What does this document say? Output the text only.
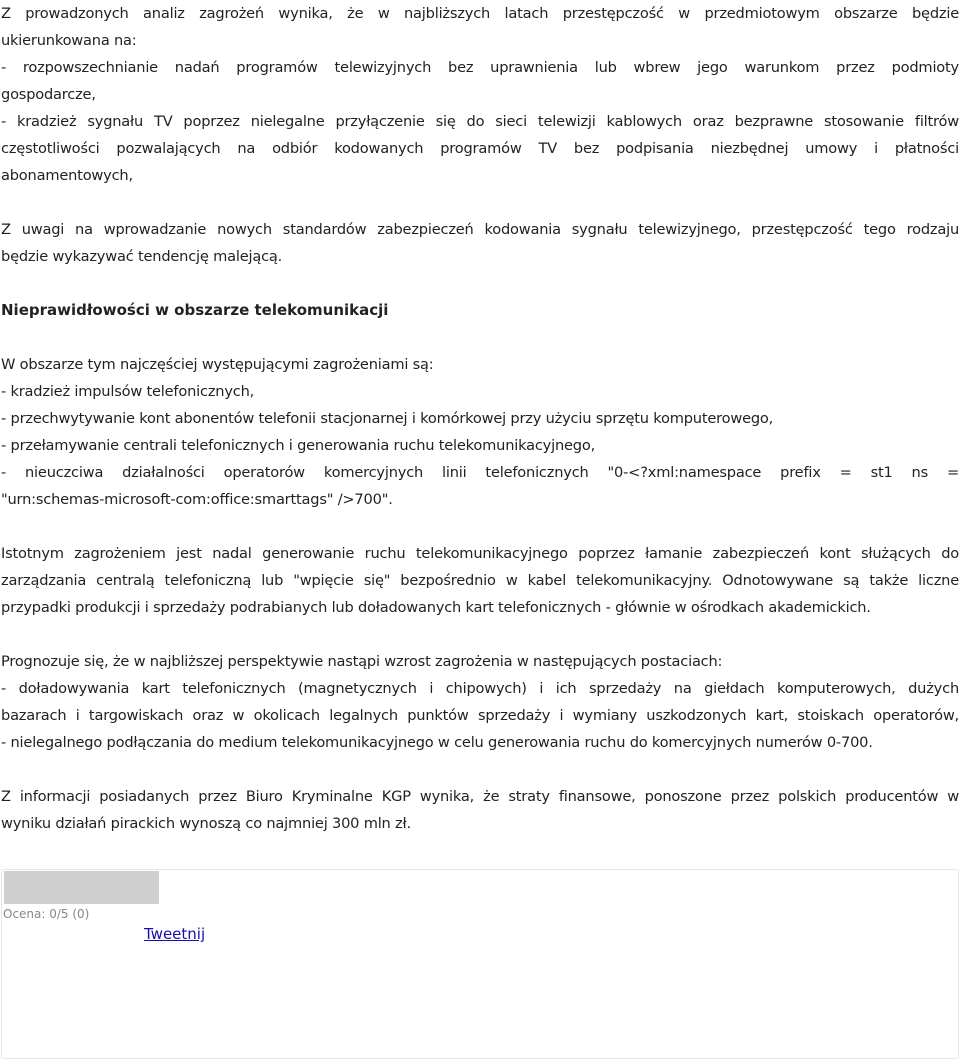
Z prowadzonych analiz zagrożeń wynika, że w najbliższych latach przestępczość w przedmiotowym obszarze będzie
ukierunkowana na:
- rozpowszechnianie nadań programów telewizyjnych bez uprawnienia lub wbrew jego warunkom przez podmioty
gospodarcze,
- kradzież sygnału TV poprzez nielegalne przyłączenie się do sieci telewizji kablowych oraz bezprawne stosowanie filtrów
częstotliwości pozwalających na odbiór kodowanych programów TV bez podpisania niezbędnej umowy i płatności
abonamentowych,
Z uwagi na wprowadzanie nowych standardów zabezpieczeń kodowania sygnału telewizyjnego, przestępczość tego rodzaju
będzie wykazywać tendencję malejącą.
Nieprawidłowości w obszarze telekomunikacji
W obszarze tym najczęściej występującymi zagrożeniami są:
- kradzież impulsów telefonicznych,
- przechwytywanie kont abonentów telefonii stacjonarnej i komórkowej przy użyciu sprzętu komputerowego,
- przełamywanie centrali telefonicznych i generowania ruchu telekomunikacyjnego,
- nieuczciwa działalności operatorów komercyjnych linii telefonicznych "0-<?xml:namespace prefix = st1 ns =
"urn:schemas-microsoft-com:office:smarttags" />700".
Istotnym zagrożeniem jest nadal generowanie ruchu telekomunikacyjnego poprzez łamanie zabezpieczeń kont służących do
zarządzania centralą telefoniczną lub "wpięcie się" bezpośrednio w kabel telekomunikacyjny. Odnotowywane są także liczne
przypadki produkcji i sprzedaży podrabianych lub doładowanych kart telefonicznych - głównie w ośrodkach akademickich.
Prognozuje się, że w najbliższej perspektywie nastąpi wzrost zagrożenia w następujących postaciach:
- doładowywania kart telefonicznych (magnetycznych i chipowych) i ich sprzedaży na giełdach komputerowych, dużych
bazarach i targowiskach oraz w okolicach legalnych punktów sprzedaży i wymiany uszkodzonych kart, stoiskach operatorów,
- nielegalnego podłączania do medium telekomunikacyjnego w celu generowania ruchu do komercyjnych numerów 0-700.
Z informacji posiadanych przez Biuro Kryminalne KGP wynika, że straty finansowe, ponoszone przez polskich producentów w
wyniku działań pirackich wynoszą co najmniej 300 mln zł.
Ocena: 0/5 (0)
Tweetnij
